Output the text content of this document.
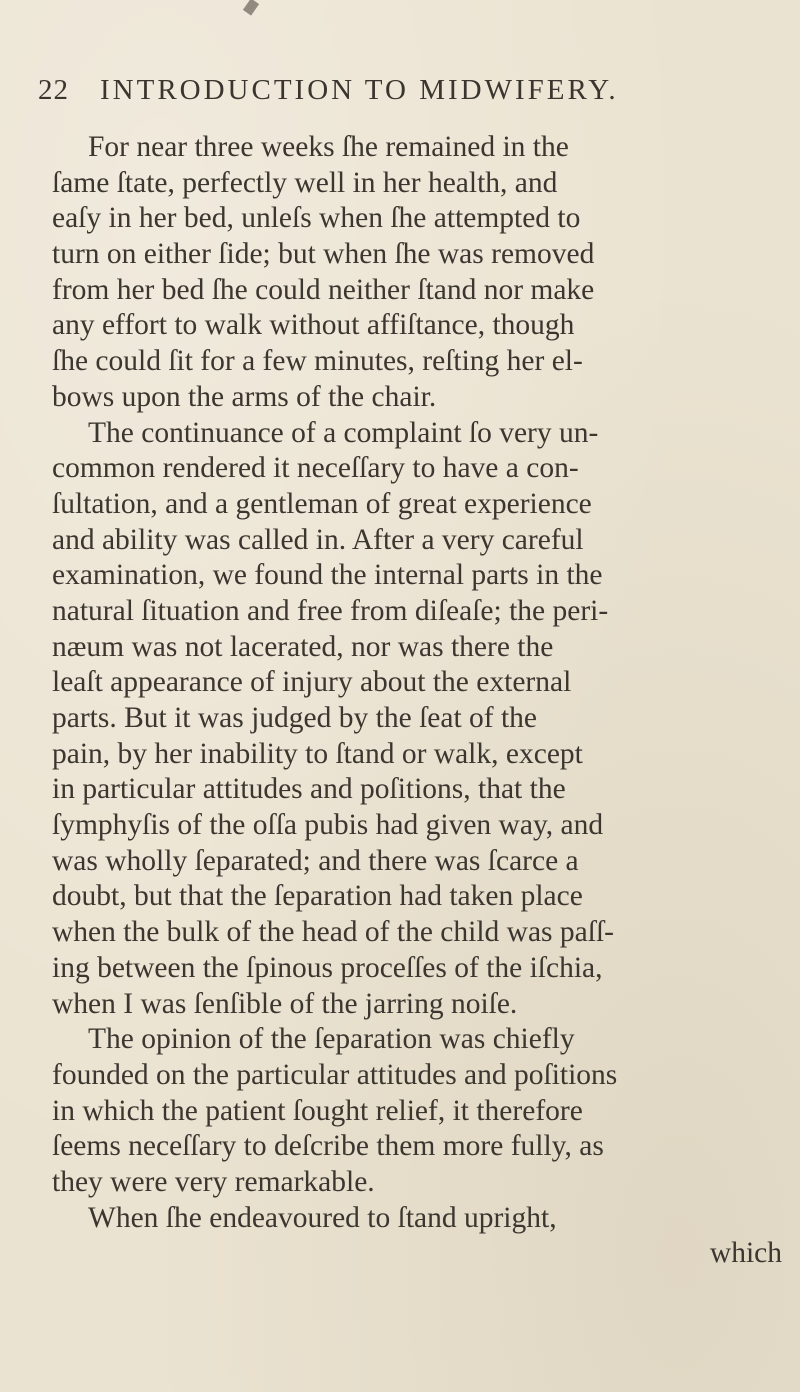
22 INTRODUCTION TO MIDWIFERY.
For near three weeks ſhe remained in the
ſame ſtate, perfectly well in her health, and
eaſy in her bed, unleſs when ſhe attempted to
turn on either ſide; but when ſhe was removed
from her bed ſhe could neither ſtand nor make
any effort to walk without affiſtance, though
ſhe could ſit for a few minutes, reſting her el-
bows upon the arms of the chair.
The continuance of a complaint ſo very un-
common rendered it neceſſary to have a con-
ſultation, and a gentleman of great experience
and ability was called in. After a very careful
examination, we found the internal parts in the
natural ſituation and free from diſeaſe; the peri-
næum was not lacerated, nor was there the
leaſt appearance of injury about the external
parts. But it was judged by the ſeat of the
pain, by her inability to ſtand or walk, except
in particular attitudes and poſitions, that the
ſymphyſis of the oſſa pubis had given way, and
was wholly ſeparated; and there was ſcarce a
doubt, but that the ſeparation had taken place
when the bulk of the head of the child was paſſ-
ing between the ſpinous proceſſes of the iſchia,
when I was ſenſible of the jarring noiſe.
The opinion of the ſeparation was chiefly
founded on the particular attitudes and poſitions
in which the patient ſought relief, it therefore
ſeems neceſſary to deſcribe them more fully, as
they were very remarkable.
When ſhe endeavoured to ſtand upright,
which
